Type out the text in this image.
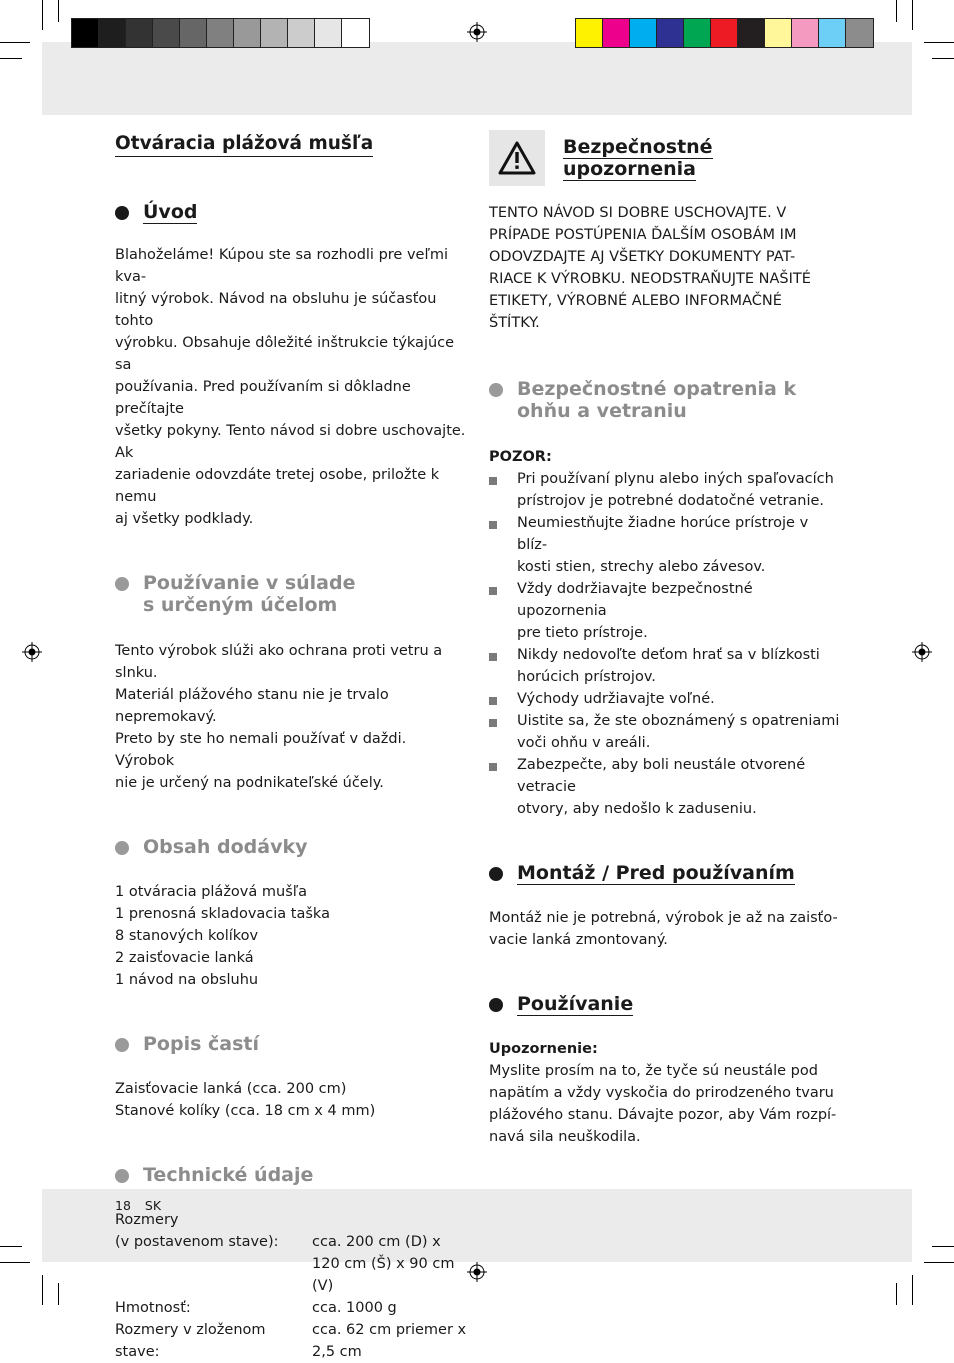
Otváracia plážová mušľa
Úvod

Blahoželáme! Kúpou ste sa rozhodli pre veľmi kva-
litný výrobok. Návod na obsluhu je súčasťou tohto
výrobku. Obsahuje dôležité inštrukcie týkajúce sa
používania. Pred používaním si dôkladne prečítajte
všetky pokyny. Tento návod si dobre uschovajte. Ak
zariadenie odovzdáte tretej osobe, priložte k nemu
aj všetky podklady.

Používanie v súlade
s určeným účelom

Tento výrobok slúži ako ochrana proti vetru a slnku.
Materiál plážového stanu nie je trvalo nepremokavý.
Preto by ste ho nemali používať v daždi. Výrobok
nie je určený na podnikateľské účely.

Obsah dodávky

1 otváracia plážová mušľa
1 prenosná skladovacia taška
8 stanových kolíkov
2 zaisťovacie lanká
1 návod na obsluhu

Popis častí

Zaisťovacie lanká (cca. 200 cm)
Stanové kolíky (cca. 18 cm x 4 mm)

Technické údaje

Rozmery

(v postavenom stave):	cca. 200 cm (D) x
120 cm (Š) x 90 cm (V)
Hmotnosť:	cca. 1000 g
Rozmery v zloženom stave:
cca. 62 cm priemer x
2,5 cm
Bezpečnostné
upozornenia

TENTO NÁVOD SI DOBRE USCHOVAJTE. V
PRÍPADE POSTÚPENIA ĎALŠÍM OSOBÁM IM
ODOVZDAJTE AJ VŠETKY DOKUMENTY PAT-
RIACE K VÝROBKU. NEODSTRAŇUJTE NAŠITÉ
ETIKETY, VÝROBNÉ ALEBO INFORMAČNÉ
ŠTÍTKY.

Bezpečnostné opatrenia k
ohňu a vetraniu

POZOR:

Pri používaní plynu alebo iných spaľovacích
prístrojov je potrebné dodatočné vetranie.
Neumiestňujte žiadne horúce prístroje v blíz-
kosti stien, strechy alebo závesov.
Vždy dodržiavajte bezpečnostné upozornenia
pre tieto prístroje.
Nikdy nedovoľte deťom hrať sa v blízkosti
horúcich prístrojov.
Východy udržiavajte voľné.
Uistite sa, že ste oboznámený s opatreniami
voči ohňu v areáli.
Zabezpečte, aby boli neustále otvorené vetracie
otvory, aby nedošlo k zaduseniu.
Montáž / Pred používaním

Montáž nie je potrebná, výrobok je až na zaisťo-
vacie lanká zmontovaný.

Používanie

Upozornenie:

Myslite prosím na to, že tyče sú neustále pod
napätím a vždy vyskočia do prirodzeného tvaru
plážového stanu. Dávajte pozor, aby Vám rozpí-
navá sila neuškodila.

18 SK
